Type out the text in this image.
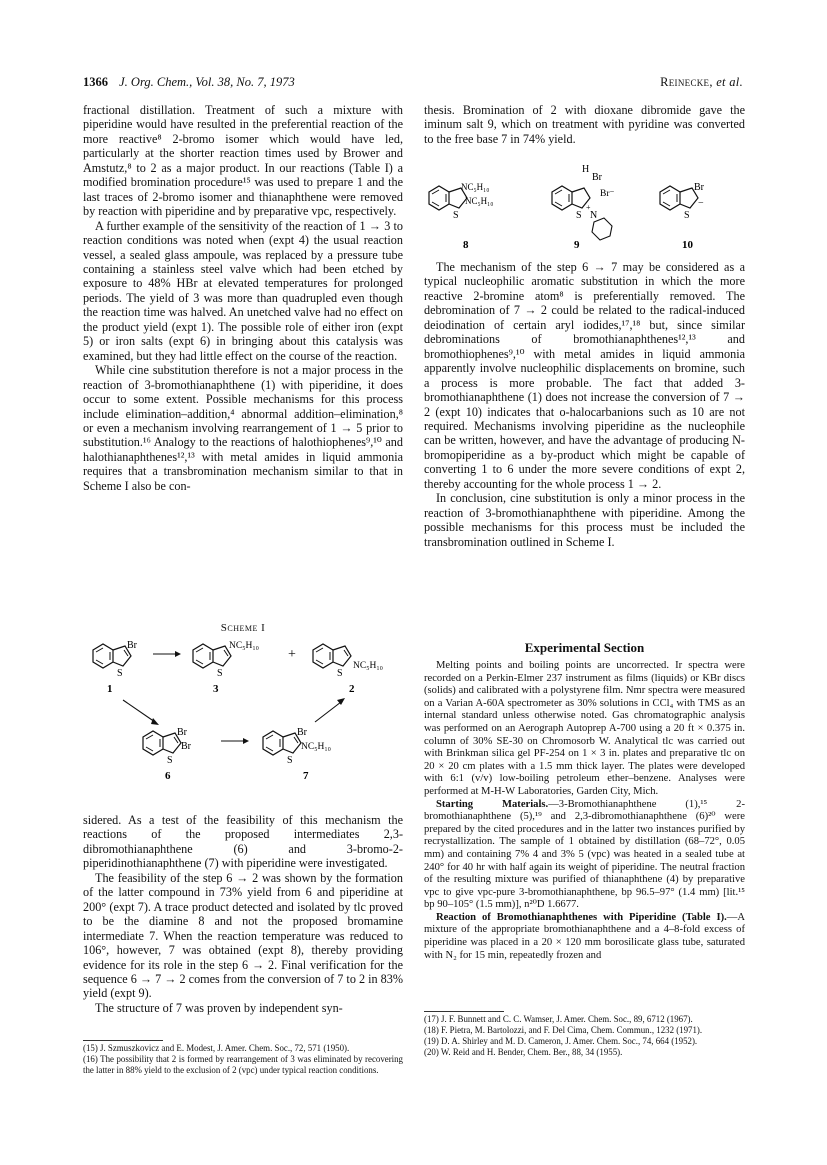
1366 J. Org. Chem., Vol. 38, No. 7, 1973	Reinecke, et al.

fractional distillation. Treatment of such a mixture with piperidine would have resulted in the preferential reaction of the more reactive⁸ 2-bromo isomer which would have led, particularly at the shorter reaction times used by Brower and Amstutz,⁸ to 2 as a major product. In our reactions (Table I) a modified bromination procedure¹⁵ was used to prepare 1 and the last traces of 2-bromo isomer and thianaphthene were removed by reaction with piperidine and by preparative vpc, respectively.

A further example of the sensitivity of the reaction of 1 → 3 to reaction conditions was noted when (expt 4) the usual reaction vessel, a sealed glass ampoule, was replaced by a pressure tube containing a stainless steel valve which had been etched by exposure to 48% HBr at elevated temperatures for prolonged periods. The yield of 3 was more than quadrupled even though the reaction time was halved. An unetched valve had no effect on the product yield (expt 1). The possible role of either iron (expt 5) or iron salts (expt 6) in bringing about this catalysis was examined, but they had little effect on the course of the reaction.

While cine substitution therefore is not a major process in the reaction of 3-bromothianaphthene (1) with piperidine, it does occur to some extent. Possible mechanisms for this process include elimination–addition,⁴ abnormal addition–elimination,⁸ or even a mechanism involving rearrangement of 1 → 5 prior to substitution.¹⁶ Analogy to the reactions of halothiophenes⁹,¹⁰ and halothianaphthenes¹²,¹³ with metal amides in liquid ammonia requires that a transbromination mechanism similar to that in Scheme I also be con-

Scheme I
S
Br
1
S
NC₅H₁₀
3
+
S
NC₅H₁₀
2
S
Br
Br
6
S
Br
NC₅H₁₀
7

sidered. As a test of the feasibility of this mechanism the reactions of the proposed intermediates 2,3-dibromothianaphthene (6) and 3-bromo-2-piperidinothianaphthene (7) with piperidine were investigated.

The feasibility of the step 6 → 2 was shown by the formation of the latter compound in 73% yield from 6 and piperidine at 200° (expt 7). A trace product detected and isolated by tlc proved to be the diamine 8 and not the proposed bromamine intermediate 7. When the reaction temperature was reduced to 106°, however, 7 was obtained (expt 8), thereby providing evidence for its role in the step 6 → 2. Final verification for the sequence 6 → 7 → 2 comes from the conversion of 7 to 2 in 83% yield (expt 9).

The structure of 7 was proven by independent syn-

(15) J. Szmuszkovicz and E. Modest, J. Amer. Chem. Soc., 72, 571 (1950).

(16) The possibility that 2 is formed by rearrangement of 3 was eliminated by recovering the latter in 88% yield to the exclusion of 2 (vpc) under typical reaction conditions.

thesis. Bromination of 2 with dioxane dibromide gave the iminum salt 9, which on treatment with pyridine was converted to the free base 7 in 74% yield.

S
NC₅H₁₀
NC₅H₁₀
8
S
H
Br
Br⁻
+
N
9
S
Br
−
10

The mechanism of the step 6 → 7 may be considered as a typical nucleophilic aromatic substitution in which the more reactive 2-bromine atom⁸ is preferentially removed. The debromination of 7 → 2 could be related to the radical-induced deiodination of certain aryl iodides,¹⁷,¹⁸ but, since similar debrominations of bromothianaphthenes¹²,¹³ and bromothiophenes⁹,¹⁰ with metal amides in liquid ammonia apparently involve nucleophilic displacements on bromine, such a process is more probable. The fact that added 3-bromothianaphthene (1) does not increase the conversion of 7 → 2 (expt 10) indicates that o-halocarbanions such as 10 are not required. Mechanisms involving piperidine as the nucleophile can be written, however, and have the advantage of producing N-bromopiperidine as a by-product which might be capable of converting 1 to 6 under the more severe conditions of expt 2, thereby accounting for the whole process 1 → 2.

In conclusion, cine substitution is only a minor process in the reaction of 3-bromothianaphthene with piperidine. Among the possible mechanisms for this process must be included the transbromination outlined in Scheme I.

Experimental Section

Melting points and boiling points are uncorrected. Ir spectra were recorded on a Perkin-Elmer 237 instrument as films (liquids) or KBr discs (solids) and calibrated with a polystyrene film. Nmr spectra were measured on a Varian A-60A spectrometer as 30% solutions in CCl₄ with TMS as an internal standard unless otherwise noted. Gas chromatographic analysis was performed on an Aerograph Autoprep A-700 using a 20 ft × 0.375 in. column of 30% SE-30 on Chromosorb W. Analytical tlc was carried out with Brinkman silica gel PF-254 on 1 × 3 in. plates and preparative tlc on 20 × 20 cm plates with a 1.5 mm thick layer. The plates were developed with 6:1 (v/v) low-boiling petroleum ether–benzene. Analyses were performed at M-H-W Laboratories, Garden City, Mich.

Starting Materials.—3-Bromothianaphthene (1),¹⁵ 2-bromothianaphthene (5),¹⁹ and 2,3-dibromothianaphthene (6)²⁰ were prepared by the cited procedures and in the latter two instances purified by recrystallization. The sample of 1 obtained by distillation (68–72°, 0.05 mm) and containing 7% 4 and 3% 5 (vpc) was heated in a sealed tube at 240° for 40 hr with half again its weight of piperidine. The neutral fraction of the resulting mixture was purified of thianaphthene (4) by preparative vpc to give vpc-pure 3-bromothianaphthene, bp 96.5–97° (1.4 mm) [lit.¹⁵ bp 90–105° (1.5 mm)], n²⁰D 1.6677.

Reaction of Bromothianaphthenes with Piperidine (Table I).—A mixture of the appropriate bromothianaphthene and a 4–8-fold excess of piperidine was placed in a 20 × 120 mm borosilicate glass tube, saturated with N₂ for 15 min, repeatedly frozen and

(17) J. F. Bunnett and C. C. Wamser, J. Amer. Chem. Soc., 89, 6712 (1967).

(18) F. Pietra, M. Bartolozzi, and F. Del Cima, Chem. Commun., 1232 (1971).

(19) D. A. Shirley and M. D. Cameron, J. Amer. Chem. Soc., 74, 664 (1952).

(20) W. Reid and H. Bender, Chem. Ber., 88, 34 (1955).
